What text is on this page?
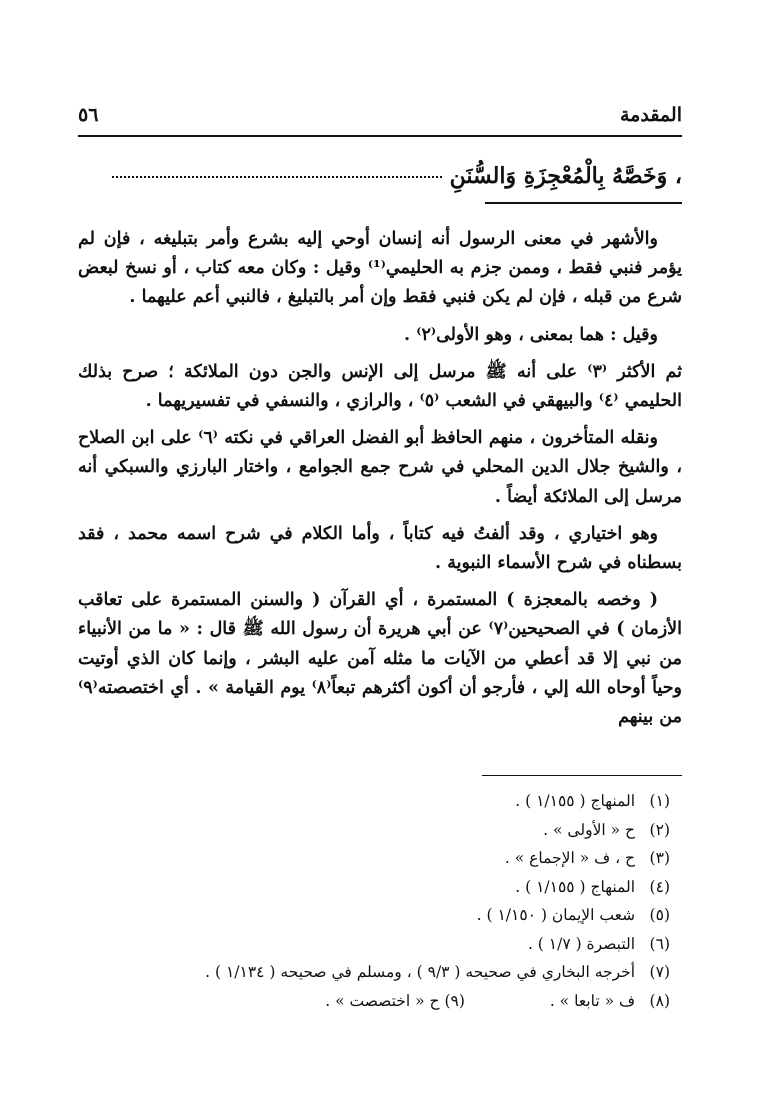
المقدمة
٥٦
، وَخَصَّهُ بِالْمُعْجِزَةِ وَالسُّنَنِ

والأشهر في معنى الرسول أنه إنسان أوحي إليه بشرع وأمر بتبليغه ، فإن لم يؤمر فنبي فقط ، وممن جزم به الحليمي⁽¹⁾ وقيل : وكان معه كتاب ، أو نسخ لبعض شرع من قبله ، فإن لم يكن فنبي فقط وإن أمر بالتبليغ ، فالنبي أعم عليهما .

وقيل : هما بمعنى ، وهو الأولى⁽٢⁾ .

ثم الأكثر ⁽٣⁾ على أنه ﷺ مرسل إلى الإنس والجن دون الملائكة ؛ صرح بذلك الحليمي ⁽٤⁾ والبيهقي في الشعب ⁽٥⁾ ، والرازي ، والنسفي في تفسيريهما .

ونقله المتأخرون ، منهم الحافظ أبو الفضل العراقي في نكته ⁽٦⁾ على ابن الصلاح ، والشيخ جلال الدين المحلي في شرح جمع الجوامع ، واختار البارزي والسبكي أنه مرسل إلى الملائكة أيضاً .

وهو اختياري ، وقد ألفتُ فيه كتاباً ، وأما الكلام في شرح اسمه محمد ، فقد بسطناه في شرح الأسماء النبوية .

( وخصه بالمعجزة ) المستمرة ، أي القرآن ( والسنن المستمرة على تعاقب الأزمان ) في الصحيحين⁽٧⁾ عن أبي هريرة أن رسول الله ﷺ قال : « ما من الأنبياء من نبي إلا قد أعطي من الآيات ما مثله آمن عليه البشر ، وإنما كان الذي أوتيت وحياً أوحاه الله إلي ، فأرجو أن أكون أكثرهم تبعاً⁽٨⁾ يوم القيامة » . أي اختصصته⁽٩⁾ من بينهم

(١) المنهاج ( ١/١٥٥ ) .
(٢) ح « الأولى » .
(٣) ح ، ف « الإجماع » .
(٤) المنهاج ( ١/١٥٥ ) .
(٥) شعب الإيمان ( ١/١٥٠ ) .
(٦) التبصرة ( ١/٧ ) .
(٧) أخرجه البخاري في صحيحه ( ٩/٣ ) ، ومسلم في صحيحه ( ١/١٣٤ ) .
(٨) ف « تابعا » . (٩) ح « اختصصت » .
